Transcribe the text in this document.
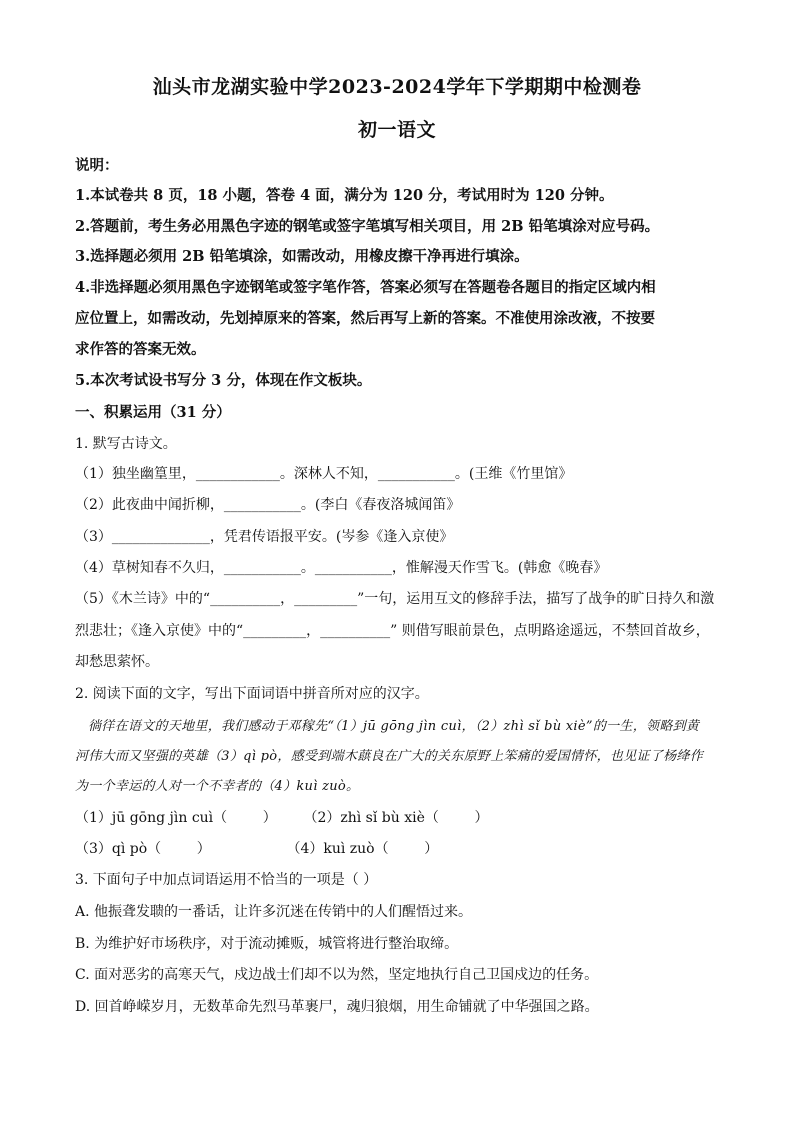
汕头市龙湖实验中学2023-2024学年下学期期中检测卷
初一语文
说明：
1.本试卷共 8 页，18 小题，答卷 4 面，满分为 120 分，考试用时为 120 分钟。
2.答题前，考生务必用黑色字迹的钢笔或签字笔填写相关项目，用 2B 铅笔填涂对应号码。
3.选择题必须用 2B 铅笔填涂，如需改动，用橡皮擦干净再进行填涂。
4.非选择题必须用黑色字迹钢笔或签字笔作答，答案必须写在答题卷各题目的指定区域内相
应位置上，如需改动，先划掉原来的答案，然后再写上新的答案。不准使用涂改液，不按要
求作答的答案无效。
5.本次考试设书写分 3 分，体现在作文板块。
一、积累运用（31 分）
1. 默写古诗文。
（1）独坐幽篁里，____________。深林人不知，___________。(王维《竹里馆》
（2）此夜曲中闻折柳，___________。(李白《春夜洛城闻笛》
（3）______________，凭君传语报平安。(岑参《逢入京使》
（4）草树知春不久归，___________。___________，惟解漫天作雪飞。(韩愈《晚春》
（5）《木兰诗》中的“__________，_________”一句，运用互文的修辞手法，描写了战争的旷日持久和激
烈悲壮；《逢入京使》中的“_________，__________” 则借写眼前景色，点明路途遥远，不禁回首故乡，
却愁思萦怀。
2. 阅读下面的文字，写出下面词语中拼音所对应的汉字。
徜徉在语文的天地里，我们感动于邓稼先“（1）jū gōng jìn cuì，（2）zhì sǐ bù xiè”的一生，领略到黄
河伟大而又坚强的英雄（3）qì pò，感受到端木蕻良在广大的关东原野上笨痛的爱国情怀，也见证了杨绛作
为一个幸运的人对一个不幸者的（4）kuì zuò。
（1）jū gōng jìn cuì（        ）      （2）zhì sǐ bù xiè（        ）
（3）qì pò（        ）                 （4）kuì zuò（        ）
3. 下面句子中加点词语运用不恰当的一项是（ ）
A. 他振聋发聩的一番话，让许多沉迷在传销中的人们醒悟过来。
B. 为维护好市场秩序，对于流动摊贩，城管将进行整治取缔。
C. 面对恶劣的高寒天气，戍边战士们却不以为然，坚定地执行自己卫国戍边的任务。
D. 回首峥嵘岁月，无数革命先烈马革裹尸，魂归狼烟，用生命铺就了中华强国之路。
